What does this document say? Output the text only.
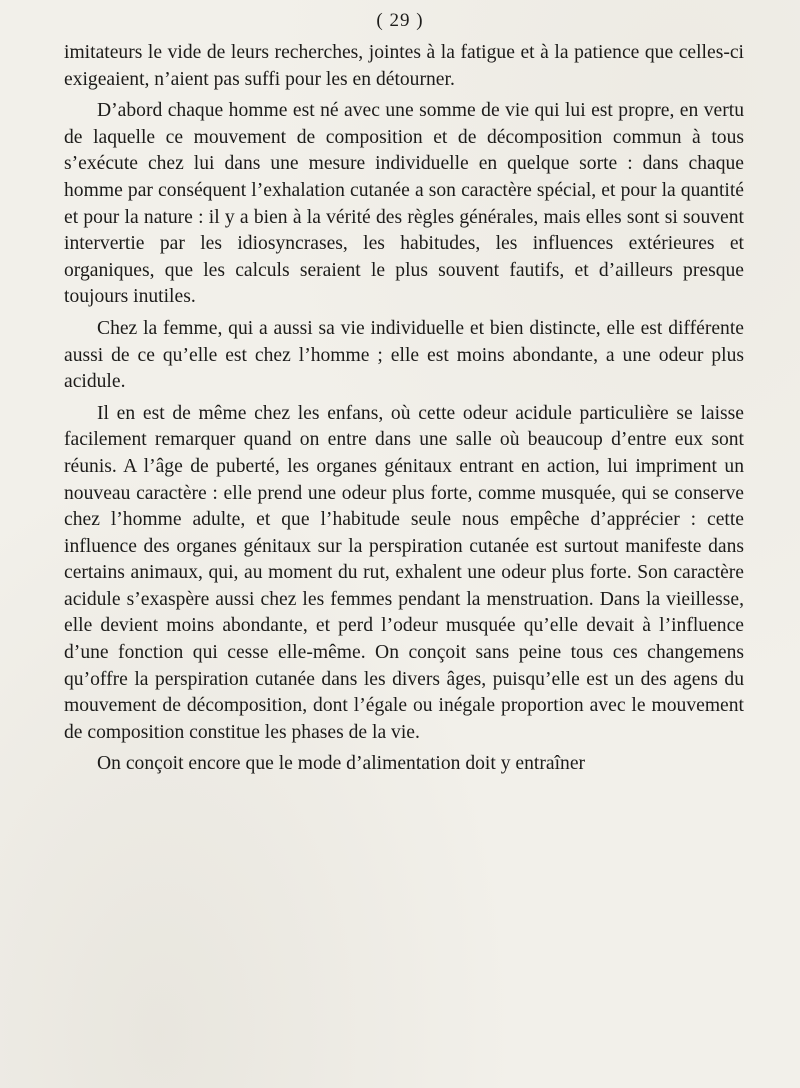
( 29 )

imitateurs le vide de leurs recherches, jointes à la fatigue et à la patience que celles-ci exigeaient, n’aient pas suffi pour les en détourner.

D’abord chaque homme est né avec une somme de vie qui lui est propre, en vertu de laquelle ce mouvement de composition et de décomposition commun à tous s’exécute chez lui dans une mesure individuelle en quelque sorte : dans chaque homme par conséquent l’exhalation cutanée a son caractère spécial, et pour la quantité et pour la nature : il y a bien à la vérité des règles générales, mais elles sont si souvent intervertie par les idiosyncrases, les habitudes, les influences extérieures et organiques, que les calculs seraient le plus souvent fautifs, et d’ailleurs presque toujours inutiles.

Chez la femme, qui a aussi sa vie individuelle et bien distincte, elle est différente aussi de ce qu’elle est chez l’homme ; elle est moins abondante, a une odeur plus acidule.

Il en est de même chez les enfans, où cette odeur acidule particulière se laisse facilement remarquer quand on entre dans une salle où beaucoup d’entre eux sont réunis. A l’âge de puberté, les organes génitaux entrant en action, lui impriment un nouveau caractère : elle prend une odeur plus forte, comme musquée, qui se conserve chez l’homme adulte, et que l’habitude seule nous empêche d’apprécier : cette influence des organes génitaux sur la perspiration cutanée est surtout manifeste dans certains animaux, qui, au moment du rut, exhalent une odeur plus forte. Son caractère acidule s’exaspère aussi chez les femmes pendant la menstruation. Dans la vieillesse, elle devient moins abondante, et perd l’odeur musquée qu’elle devait à l’influence d’une fonction qui cesse elle-même. On conçoit sans peine tous ces changemens qu’offre la perspiration cutanée dans les divers âges, puisqu’elle est un des agens du mouvement de décomposition, dont l’égale ou inégale proportion avec le mouvement de composition constitue les phases de la vie.

On conçoit encore que le mode d’alimentation doit y entraîner
